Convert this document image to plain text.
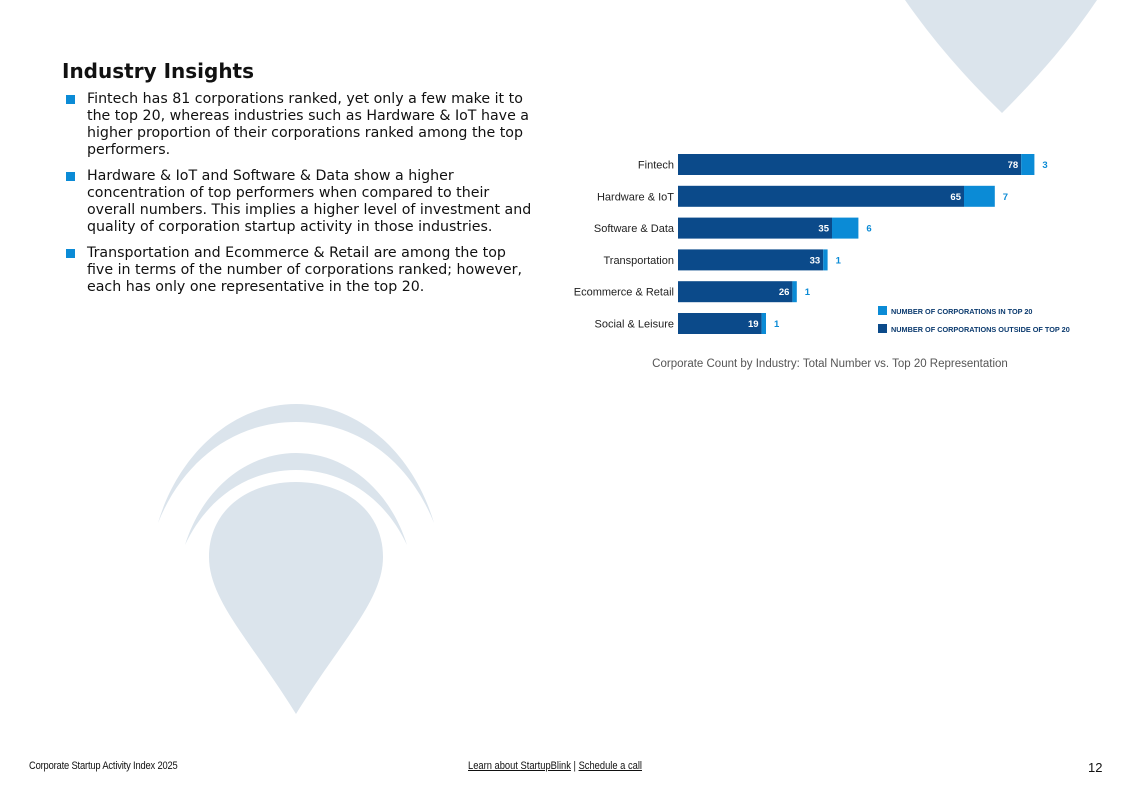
Industry Insights
Fintech has 81 corporations ranked, yet only a few make it to the top 20, whereas industries such as Hardware & IoT have a higher proportion of their corporations ranked among the top performers.
Hardware & IoT and Software & Data show a higher concentration of top performers when compared to their overall numbers. This implies a higher level of investment and quality of corporation startup activity in those industries.
Transportation and Ecommerce & Retail are among the top five in terms of the number of corporations ranked; however, each has only one representative in the top 20.
Fintech	78	3
Hardware & IoT	65	7
Software & Data	35	6
Transportation	33 1
Ecommerce & Retail	26 1
Social & Leisure	19 1
NUMBER OF CORPORATIONS IN TOP 20
NUMBER OF CORPORATIONS OUTSIDE OF TOP 20
Corporate Count by Industry: Total Number vs. Top 20 Representation
Corporate Startup Activity Index 2025	Learn about StartupBlink | Schedule a call	12
